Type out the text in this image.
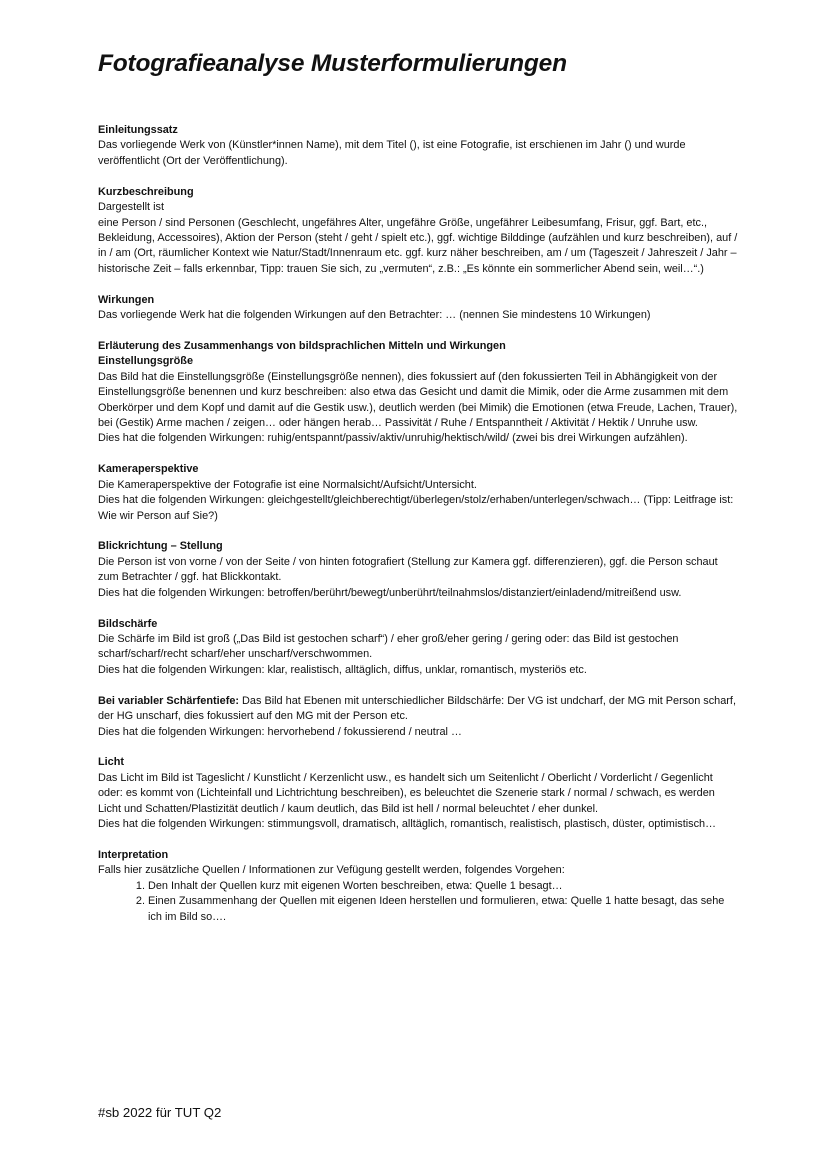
Fotografieanalyse Musterformulierungen
Einleitungssatz
Das vorliegende Werk von (Künstler*innen Name), mit dem Titel (), ist eine Fotografie, ist erschienen im Jahr () und wurde veröffentlicht (Ort der Veröffentlichung).
Kurzbeschreibung
Dargestellt ist
eine Person / sind Personen (Geschlecht, ungefähres Alter, ungefähre Größe, ungefährer Leibesumfang, Frisur, ggf. Bart, etc., Bekleidung, Accessoires), Aktion der Person (steht / geht / spielt etc.), ggf. wichtige Bilddinge (aufzählen und kurz beschreiben), auf / in / am (Ort, räumlicher Kontext wie Natur/Stadt/Innenraum etc. ggf. kurz näher beschreiben, am / um (Tageszeit / Jahreszeit / Jahr – historische Zeit – falls erkennbar, Tipp: trauen Sie sich, zu „vermuten“, z.B.: „Es könnte ein sommerlicher Abend sein, weil…“.)
Wirkungen
Das vorliegende Werk hat die folgenden Wirkungen auf den Betrachter: … (nennen Sie mindestens 10 Wirkungen)
Erläuterung des Zusammenhangs von bildsprachlichen Mitteln und Wirkungen
Einstellungsgröße
Das Bild hat die Einstellungsgröße (Einstellungsgröße nennen), dies fokussiert auf (den fokussierten Teil in Abhängigkeit von der Einstellungsgröße benennen und kurz beschreiben: also etwa das Gesicht und damit die Mimik, oder die Arme zusammen mit dem Oberkörper und dem Kopf und damit auf die Gestik usw.), deutlich werden (bei Mimik) die Emotionen (etwa Freude, Lachen, Trauer), bei (Gestik) Arme machen / zeigen… oder hängen herab… Passivität / Ruhe / Entspanntheit / Aktivität / Hektik / Unruhe usw.
Dies hat die folgenden Wirkungen: ruhig/entspannt/passiv/aktiv/unruhig/hektisch/wild/ (zwei bis drei Wirkungen aufzählen).
Kameraperspektive
Die Kameraperspektive der Fotografie ist eine Normalsicht/Aufsicht/Untersicht.
Dies hat die folgenden Wirkungen: gleichgestellt/gleichberechtigt/überlegen/stolz/erhaben/unterlegen/schwach… (Tipp: Leitfrage ist: Wie wir Person auf Sie?)
Blickrichtung – Stellung
Die Person ist von vorne / von der Seite / von hinten fotografiert (Stellung zur Kamera ggf. differenzieren), ggf. die Person schaut zum Betrachter / ggf. hat Blickkontakt.
Dies hat die folgenden Wirkungen: betroffen/berührt/bewegt/unberührt/teilnahmslos/distanziert/einladend/mitreißend usw.
Bildschärfe
Die Schärfe im Bild ist groß („Das Bild ist gestochen scharf“) / eher groß/eher gering / gering oder: das Bild ist gestochen scharf/scharf/recht scharf/eher unscharf/verschwommen.
Dies hat die folgenden Wirkungen: klar, realistisch, alltäglich, diffus, unklar, romantisch, mysteriös etc.
Bei variabler Schärfentiefe: Das Bild hat Ebenen mit unterschiedlicher Bildschärfe: Der VG ist undcharf, der MG mit Person scharf, der HG unscharf, dies fokussiert auf den MG mit der Person etc.
Dies hat die folgenden Wirkungen: hervorhebend / fokussierend / neutral …
Licht
Das Licht im Bild ist Tageslicht / Kunstlicht / Kerzenlicht usw., es handelt sich um Seitenlicht / Oberlicht / Vorderlicht / Gegenlicht oder: es kommt von (Lichteinfall und Lichtrichtung beschreiben), es beleuchtet die Szenerie stark / normal / schwach, es werden Licht und Schatten/Plastizität deutlich / kaum deutlich, das Bild ist hell / normal beleuchtet / eher dunkel.
Dies hat die folgenden Wirkungen: stimmungsvoll, dramatisch, alltäglich, romantisch, realistisch, plastisch, düster, optimistisch…
Interpretation
Falls hier zusätzliche Quellen / Informationen zur Vefügung gestellt werden, folgendes Vorgehen:
1. Den Inhalt der Quellen kurz mit eigenen Worten beschreiben, etwa: Quelle 1 besagt…
2. Einen Zusammenhang der Quellen mit eigenen Ideen herstellen und formulieren, etwa: Quelle 1 hatte besagt, das sehe ich im Bild so….
#sb 2022 für TUT Q2
